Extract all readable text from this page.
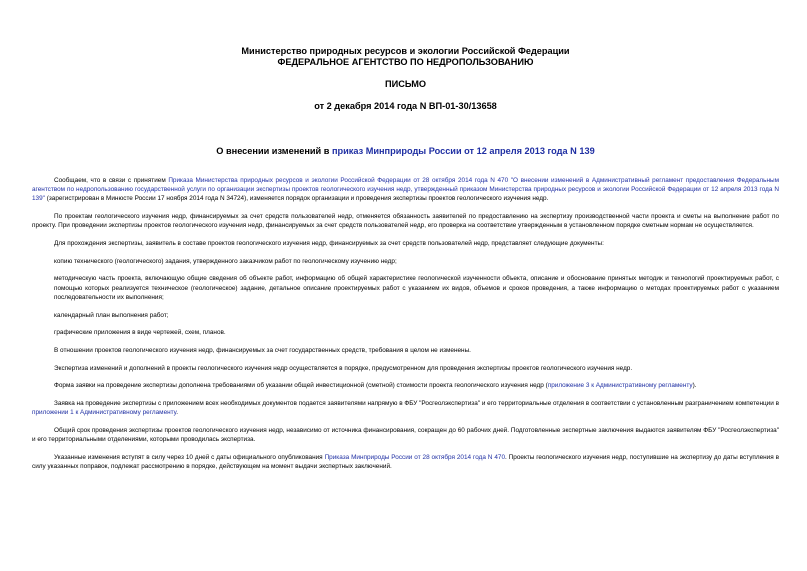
Министерство природных ресурсов и экологии Российской Федерации
ФЕДЕРАЛЬНОЕ АГЕНТСТВО ПО НЕДРОПОЛЬЗОВАНИЮ
ПИСЬМО
от 2 декабря 2014 года N ВП-01-30/13658
О внесении изменений в приказ Минприроды России от 12 апреля 2013 года N 139

Сообщаем, что в связи с принятием Приказа Министерства природных ресурсов и экологии Российской Федерации от 28 октября 2014 года N 470 "О внесении изменений в Административный регламент предоставления Федеральным агентством по недропользованию государственной услуги по организации экспертизы проектов геологического изучения недр, утвержденный приказом Министерства природных ресурсов и экологии Российской Федерации от 12 апреля 2013 года N 139" (зарегистрирован в Минюсте России 17 ноября 2014 года N 34724), изменяется порядок организации и проведения экспертизы проектов геологического изучения недр.

По проектам геологического изучения недр, финансируемых за счет средств пользователей недр, отменяется обязанность заявителей по предоставлению на экспертизу производственной части проекта и сметы на выполнение работ по проекту. При проведении экспертизы проектов геологического изучения недр, финансируемых за счет средств пользователей недр, его проверка на соответствие утвержденным в установленном порядке сметным нормам не осуществляется.

Для прохождения экспертизы, заявитель в составе проектов геологического изучения недр, финансируемых за счет средств пользователей недр, представляет следующие документы:

копию технического (геологического) задания, утвержденного заказчиком работ по геологическому изучению недр;

методическую часть проекта, включающую общие сведения об объекте работ, информацию об общей характеристике геологической изученности объекта, описание и обоснование принятых методик и технологий проектируемых работ, с помощью которых реализуется техническое (геологическое) задание, детальное описание проектируемых работ с указанием их видов, объемов и сроков проведения, а также информацию о методах проектируемых работ с указанием последовательности их выполнения;

календарный план выполнения работ;

графические приложения в виде чертежей, схем, планов.

В отношении проектов геологического изучения недр, финансируемых за счет государственных средств, требования в целом не изменены.

Экспертиза изменений и дополнений в проекты геологического изучения недр осуществляется в порядке, предусмотренном для проведения экспертизы проектов геологического изучения недр.

Форма заявки на проведение экспертизы дополнена требованиями об указании общей инвестиционной (сметной) стоимости проекта геологического изучения недр (приложение 3 к Административному регламенту).

Заявка на проведение экспертизы с приложением всех необходимых документов подается заявителями напрямую в ФБУ "Росгеолэкспертиза" и его территориальные отделения в соответствии с установленным разграничением компетенции в приложении 1 к Административному регламенту.

Общий срок проведения экспертизы проектов геологического изучения недр, независимо от источника финансирования, сокращен до 60 рабочих дней. Подготовленные экспертные заключения выдаются заявителям ФБУ "Росгеолэкспертиза" и его территориальными отделениями, которыми проводилась экспертиза.

Указанные изменения вступят в силу через 10 дней с даты официального опубликования Приказа Минприроды России от 28 октября 2014 года N 470. Проекты геологического изучения недр, поступившие на экспертизу до даты вступления в силу указанных поправок, подлежат рассмотрению в порядке, действующем на момент выдачи экспертных заключений.
